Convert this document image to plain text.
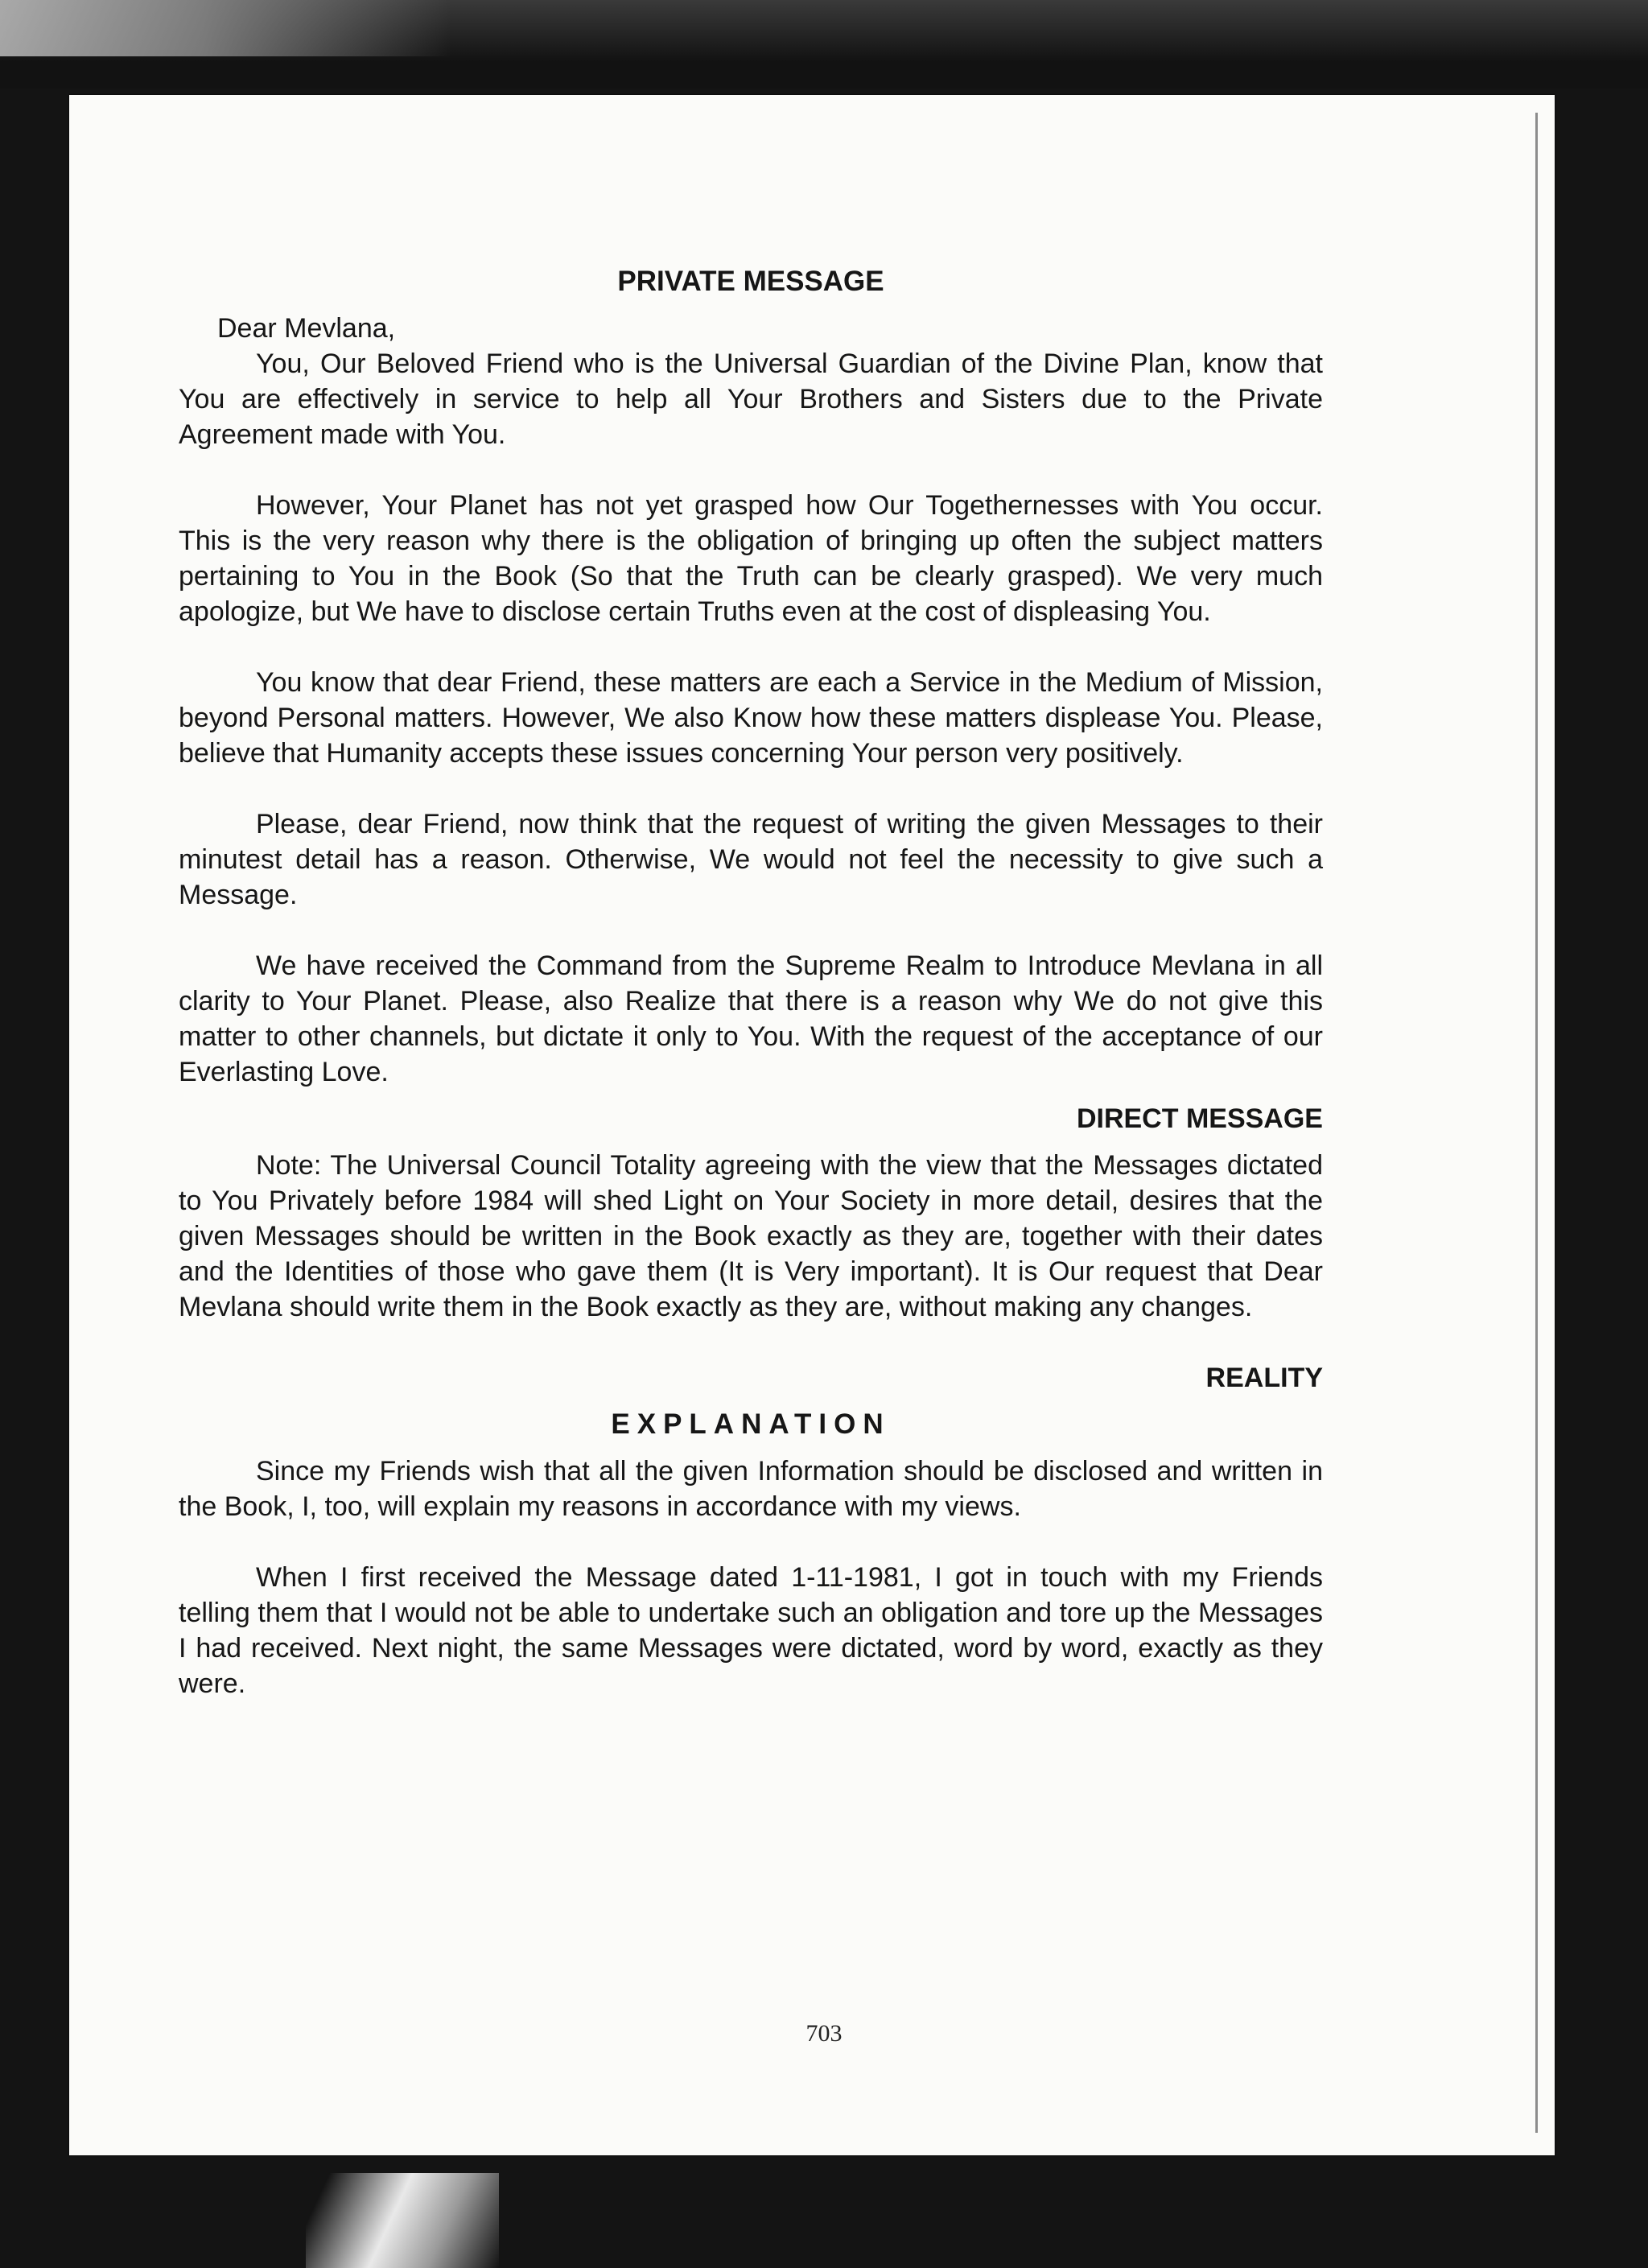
PRIVATE MESSAGE
Dear Mevlana,

You, Our Beloved Friend who is the Universal Guardian of the Divine Plan, know that You are effectively in service to help all Your Brothers and Sisters due to the Private Agreement made with You.

However, Your Planet has not yet grasped how Our Togethernesses with You occur. This is the very reason why there is the obligation of bringing up often the subject matters pertaining to You in the Book (So that the Truth can be clearly grasped). We very much apologize, but We have to disclose certain Truths even at the cost of displeasing You.

You know that dear Friend, these matters are each a Service in the Medium of Mission, beyond Personal matters. However, We also Know how these matters displease You. Please, believe that Humanity accepts these issues concerning Your person very positively.

Please, dear Friend, now think that the request of writing the given Messages to their minutest detail has a reason. Otherwise, We would not feel the necessity to give such a Message.

We have received the Command from the Supreme Realm to Introduce Mevlana in all clarity to Your Planet. Please, also Realize that there is a reason why We do not give this matter to other channels, but dictate it only to You. With the request of the acceptance of our Everlasting Love.

DIRECT MESSAGE

Note: The Universal Council Totality agreeing with the view that the Messages dictated to You Privately before 1984 will shed Light on Your Society in more detail, desires that the given Messages should be written in the Book exactly as they are, together with their dates and the Identities of those who gave them (It is Very important). It is Our request that Dear Mevlana should write them in the Book exactly as they are, without making any changes.

REALITY
EXPLANATION

Since my Friends wish that all the given Information should be disclosed and written in the Book, I, too, will explain my reasons in accordance with my views.

When I first received the Message dated 1-11-1981, I got in touch with my Friends telling them that I would not be able to undertake such an obligation and tore up the Messages I had received. Next night, the same Messages were dictated, word by word, exactly as they were.

703
